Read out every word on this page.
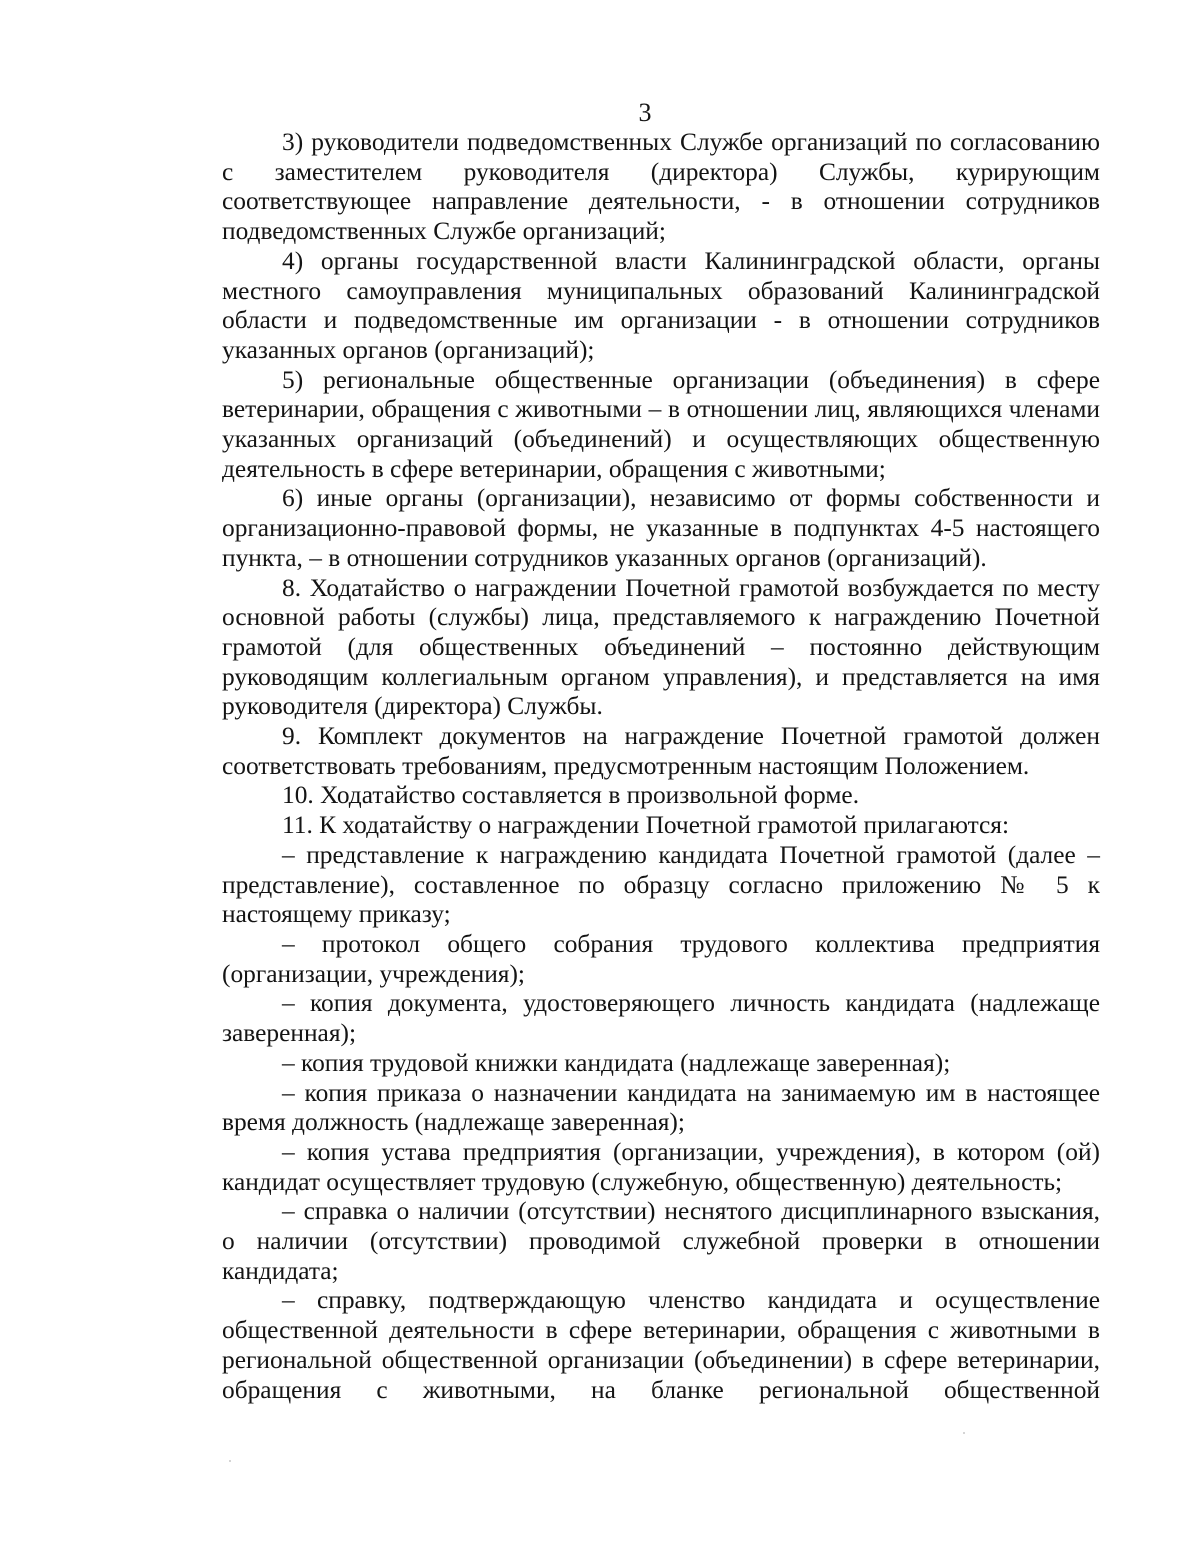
3

3) руководители подведомственных Службе организаций по согласованию с заместителем руководителя (директора) Службы, курирующим соответствующее направление деятельности, - в отношении сотрудников подведомственных Службе организаций;

4) органы государственной власти Калининградской области, органы местного самоуправления муниципальных образований Калининградской области и подведомственные им организации - в отношении сотрудников указанных органов (организаций);

5) региональные общественные организации (объединения) в сфере ветеринарии, обращения с животными – в отношении лиц, являющихся членами указанных организаций (объединений) и осуществляющих общественную деятельность в сфере ветеринарии, обращения с животными;

6) иные органы (организации), независимо от формы собственности и организационно-правовой формы, не указанные в подпунктах 4-5 настоящего пункта, – в отношении сотрудников указанных органов (организаций).

8. Ходатайство о награждении Почетной грамотой возбуждается по месту основной работы (службы) лица, представляемого к награждению Почетной грамотой (для общественных объединений – постоянно действующим руководящим коллегиальным органом управления), и представляется на имя руководителя (директора) Службы.

9. Комплект документов на награждение Почетной грамотой должен соответствовать требованиям, предусмотренным настоящим Положением.

10. Ходатайство составляется в произвольной форме.

11. К ходатайству о награждении Почетной грамотой прилагаются:

– представление к награждению кандидата Почетной грамотой (далее – представление), составленное по образцу согласно приложению № 5 к настоящему приказу;

– протокол общего собрания трудового коллектива предприятия (организации, учреждения);

– копия документа, удостоверяющего личность кандидата (надлежаще заверенная);

– копия трудовой книжки кандидата (надлежаще заверенная);

– копия приказа о назначении кандидата на занимаемую им в настоящее время должность (надлежаще заверенная);

– копия устава предприятия (организации, учреждения), в котором (ой) кандидат осуществляет трудовую (служебную, общественную) деятельность;

– справка о наличии (отсутствии) неснятого дисциплинарного взыскания, о наличии (отсутствии) проводимой служебной проверки в отношении кандидата;

– справку, подтверждающую членство кандидата и осуществление общественной деятельности в сфере ветеринарии, обращения с животными в региональной общественной организации (объединении) в сфере ветеринарии, обращения с животными, на бланке региональной общественной
